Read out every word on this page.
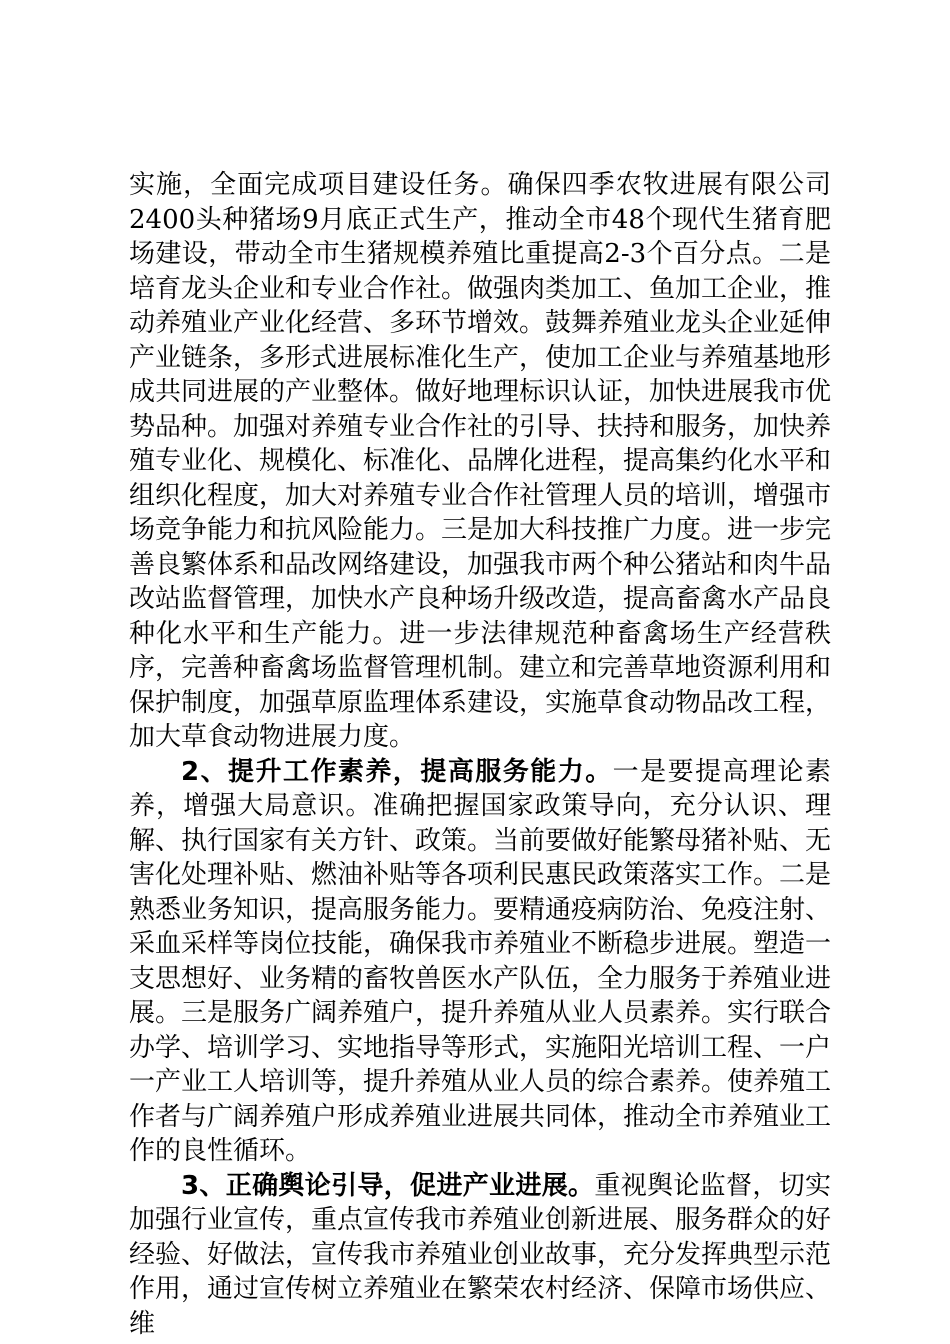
实施，全面完成项目建设任务。确保四季农牧进展有限公司2400头种猪场9月底正式生产，推动全市48个现代生猪育肥场建设，带动全市生猪规模养殖比重提高2-3个百分点。二是培育龙头企业和专业合作社。做强肉类加工、鱼加工企业，推动养殖业产业化经营、多环节增效。鼓舞养殖业龙头企业延伸产业链条，多形式进展标准化生产，使加工企业与养殖基地形成共同进展的产业整体。做好地理标识认证，加快进展我市优势品种。加强对养殖专业合作社的引导、扶持和服务，加快养殖专业化、规模化、标准化、品牌化进程，提高集约化水平和组织化程度，加大对养殖专业合作社管理人员的培训，增强市场竞争能力和抗风险能力。三是加大科技推广力度。进一步完善良繁体系和品改网络建设，加强我市两个种公猪站和肉牛品改站监督管理，加快水产良种场升级改造，提高畜禽水产品良种化水平和生产能力。进一步法律规范种畜禽场生产经营秩序，完善种畜禽场监督管理机制。建立和完善草地资源利用和保护制度，加强草原监理体系建设，实施草食动物品改工程，加大草食动物进展力度。

2、提升工作素养，提高服务能力。一是要提高理论素养，增强大局意识。准确把握国家政策导向，充分认识、理解、执行国家有关方针、政策。当前要做好能繁母猪补贴、无害化处理补贴、燃油补贴等各项利民惠民政策落实工作。二是熟悉业务知识，提高服务能力。要精通疫病防治、免疫注射、采血采样等岗位技能，确保我市养殖业不断稳步进展。塑造一支思想好、业务精的畜牧兽医水产队伍，全力服务于养殖业进展。三是服务广阔养殖户，提升养殖从业人员素养。实行联合办学、培训学习、实地指导等形式，实施阳光培训工程、一户一产业工人培训等，提升养殖从业人员的综合素养。使养殖工作者与广阔养殖户形成养殖业进展共同体，推动全市养殖业工作的良性循环。

3、正确舆论引导，促进产业进展。重视舆论监督，切实加强行业宣传，重点宣传我市养殖业创新进展、服务群众的好经验、好做法，宣传我市养殖业创业故事，充分发挥典型示范作用，通过宣传树立养殖业在繁荣农村经济、保障市场供应、维
